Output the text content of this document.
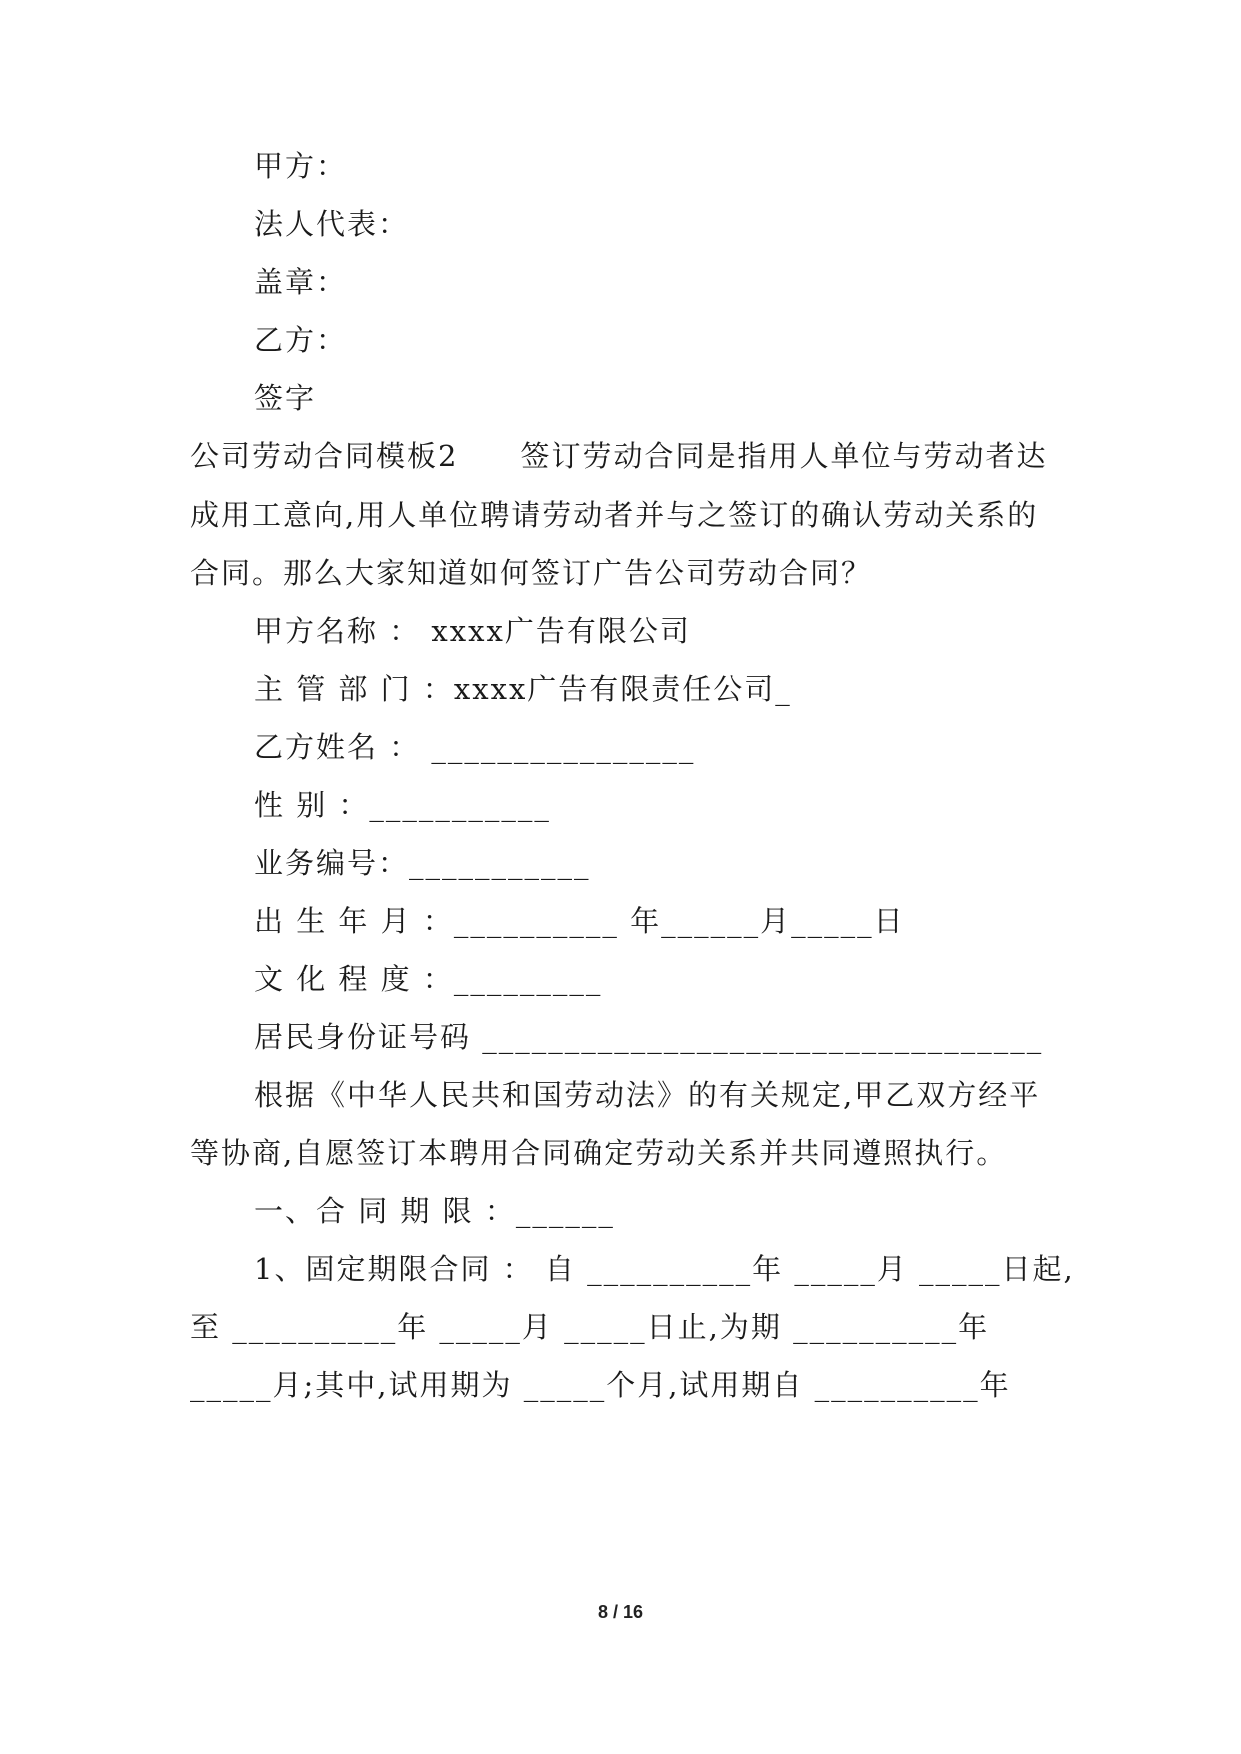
甲方：
法人代表：
盖章：
乙方：
签字
公司劳动合同模板2　　签订劳动合同是指用人单位与劳动者达
成用工意向,用人单位聘请劳动者并与之签订的确认劳动关系的
合同。那么大家知道如何签订广告公司劳动合同？
甲方名称 ： xxxx广告有限公司
主 管 部 门 ：xxxx广告有限责任公司_
乙方姓名 ： ________________
性 别 ：___________
业务编号：___________
出 生 年 月 ：__________ 年______月_____日
文 化 程 度 ：_________
居民身份证号码 __________________________________
根据《中华人民共和国劳动法》的有关规定,甲乙双方经平
等协商,自愿签订本聘用合同确定劳动关系并共同遵照执行。
一、合 同 期 限 ：______
1、固定期限合同 ： 自 __________年 _____月 _____日起,
至 __________年 _____月 _____日止,为期 __________年
_____月;其中,试用期为 _____个月,试用期自 __________年
8 / 16
